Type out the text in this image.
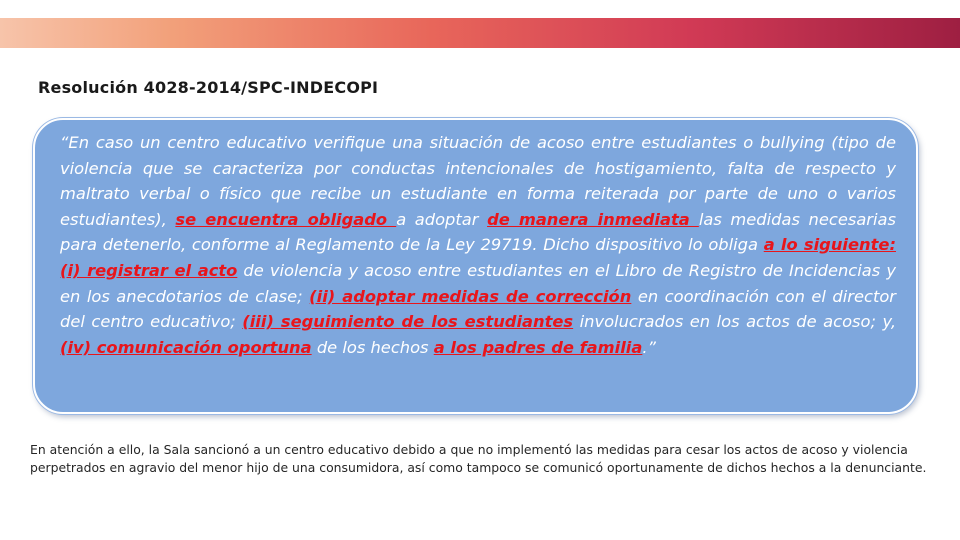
Resolución 4028-2014/SPC-INDECOPI

“En caso un centro educativo verifique una situación de acoso entre estudiantes o bullying (tipo de violencia que se caracteriza por conductas intencionales de hostigamiento, falta de respecto y maltrato verbal o físico que recibe un estudiante en forma reiterada por parte de uno o varios estudiantes), se encuentra obligado a adoptar de manera inmediata las medidas necesarias para detenerlo, conforme al Reglamento de la Ley 29719. Dicho dispositivo lo obliga a lo siguiente: (i) registrar el acto de violencia y acoso entre estudiantes en el Libro de Registro de Incidencias y en los anecdotarios de clase; (ii) adoptar medidas de corrección en coordinación con el director del centro educativo; (iii) seguimiento de los estudiantes involucrados en los actos de acoso; y, (iv) comunicación oportuna de los hechos a los padres de familia.”

En atención a ello, la Sala sancionó a un centro educativo debido a que no implementó las medidas para cesar los actos de acoso y violencia perpetrados en agravio del menor hijo de una consumidora, así como tampoco se comunicó oportunamente de dichos hechos a la denunciante.
